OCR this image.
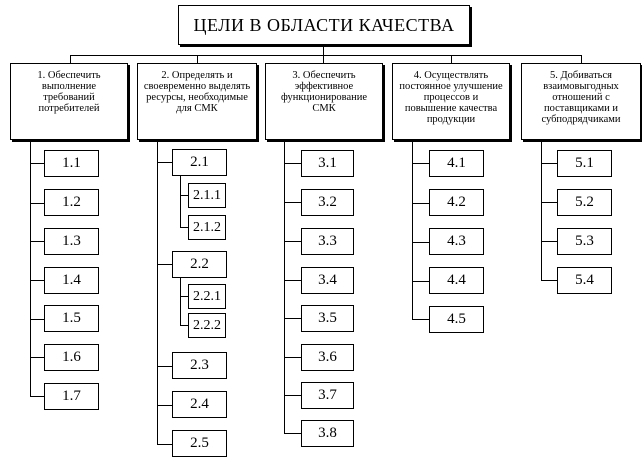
ЦЕЛИ В ОБЛАСТИ КАЧЕСТВА
1. Обеспечить выполнение требований потребителей
2. Определять и своевременно выделять ресурсы, необходимые для СМК
3. Обеспечить эффективное функционирование СМК
4. Осуществлять постоянное улучшение процессов и повышение качества продукции
5. Добиваться взаимовыгодных отношений с поставщиками и субподрядчиками
1.1
1.2
1.3
1.4
1.5
1.6
1.7
2.1
2.2
2.3
2.4
2.5
2.1.1
2.1.2
2.2.1
2.2.2
3.1
3.2
3.3
3.4
3.5
3.6
3.7
3.8
4.1
4.2
4.3
4.4
4.5
5.1
5.2
5.3
5.4
